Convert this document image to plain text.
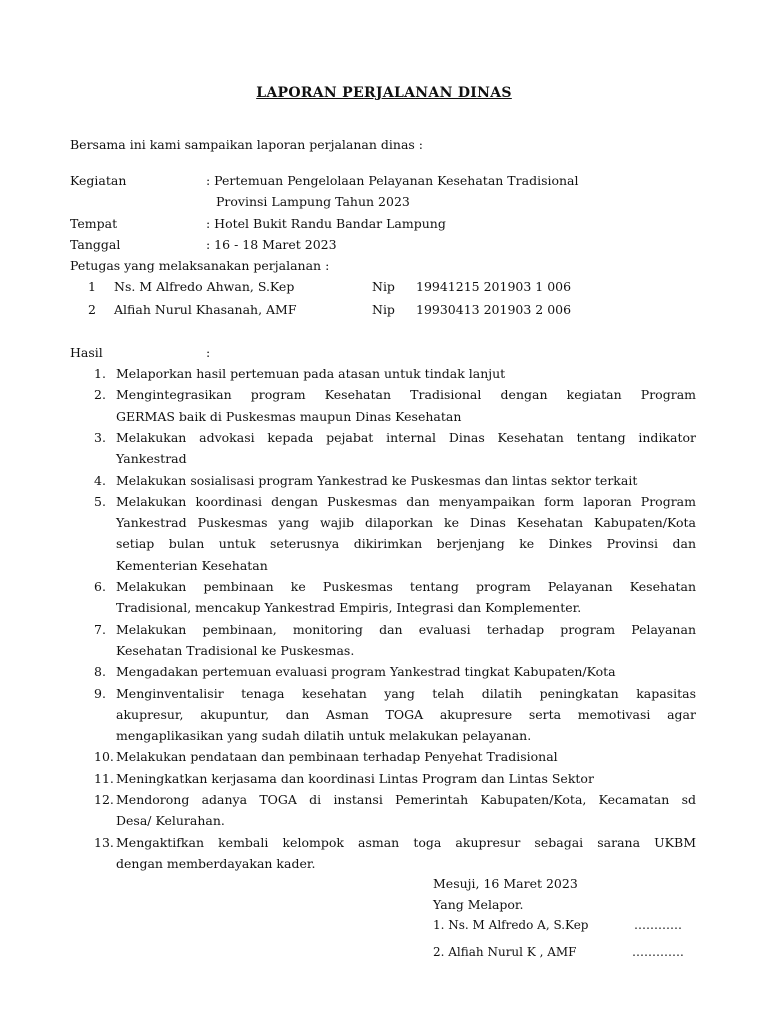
LAPORAN PERJALANAN DINAS
Bersama ini kami sampaikan laporan perjalanan dinas :
Kegiatan	: Pertemuan Pengelolaan Pelayanan Kesehatan Tradisional
Provinsi Lampung Tahun 2023
Tempat	: Hotel Bukit Randu Bandar Lampung
Tanggal	: 16 - 18 Maret 2023
Petugas yang melaksanakan perjalanan :
1 Ns. M Alfredo Ahwan, S.Kep	Nip 19941215 201903 1 006
2 Alfiah Nurul Khasanah, AMF	Nip 19930413 201903 2 006
Hasil	:
1. Melaporkan hasil pertemuan pada atasan untuk tindak lanjut
2. Mengintegrasikan program Kesehatan Tradisional dengan kegiatan Program
GERMAS baik di Puskesmas maupun Dinas Kesehatan
3. Melakukan advokasi kepada pejabat internal Dinas Kesehatan tentang indikator
Yankestrad
4. Melakukan sosialisasi program Yankestrad ke Puskesmas dan lintas sektor terkait
5. Melakukan koordinasi dengan Puskesmas dan menyampaikan form laporan Program
Yankestrad Puskesmas yang wajib dilaporkan ke Dinas Kesehatan Kabupaten/Kota
setiap bulan untuk seterusnya dikirimkan berjenjang ke Dinkes Provinsi dan
Kementerian Kesehatan
6. Melakukan pembinaan ke Puskesmas tentang program Pelayanan Kesehatan
Tradisional, mencakup Yankestrad Empiris, Integrasi dan Komplementer.
7. Melakukan pembinaan, monitoring dan evaluasi terhadap program Pelayanan
Kesehatan Tradisional ke Puskesmas.
8. Mengadakan pertemuan evaluasi program Yankestrad tingkat Kabupaten/Kota
9. Menginventalisir tenaga kesehatan yang telah dilatih peningkatan kapasitas
akupresur, akupuntur, dan Asman TOGA akupresure serta memotivasi agar
mengaplikasikan yang sudah dilatih untuk melakukan pelayanan.
10. Melakukan pendataan dan pembinaan terhadap Penyehat Tradisional
11. Meningkatkan kerjasama dan koordinasi Lintas Program dan Lintas Sektor
12. Mendorong adanya TOGA di instansi Pemerintah Kabupaten/Kota, Kecamatan sd
Desa/ Kelurahan.
13. Mengaktifkan kembali kelompok asman toga akupresur sebagai sarana UKBM
dengan memberdayakan kader.
Mesuji, 16 Maret 2023
Yang Melapor.
1. Ns. M Alfredo A, S.Kep	…………
2. Alfiah Nurul K , AMF	………….
